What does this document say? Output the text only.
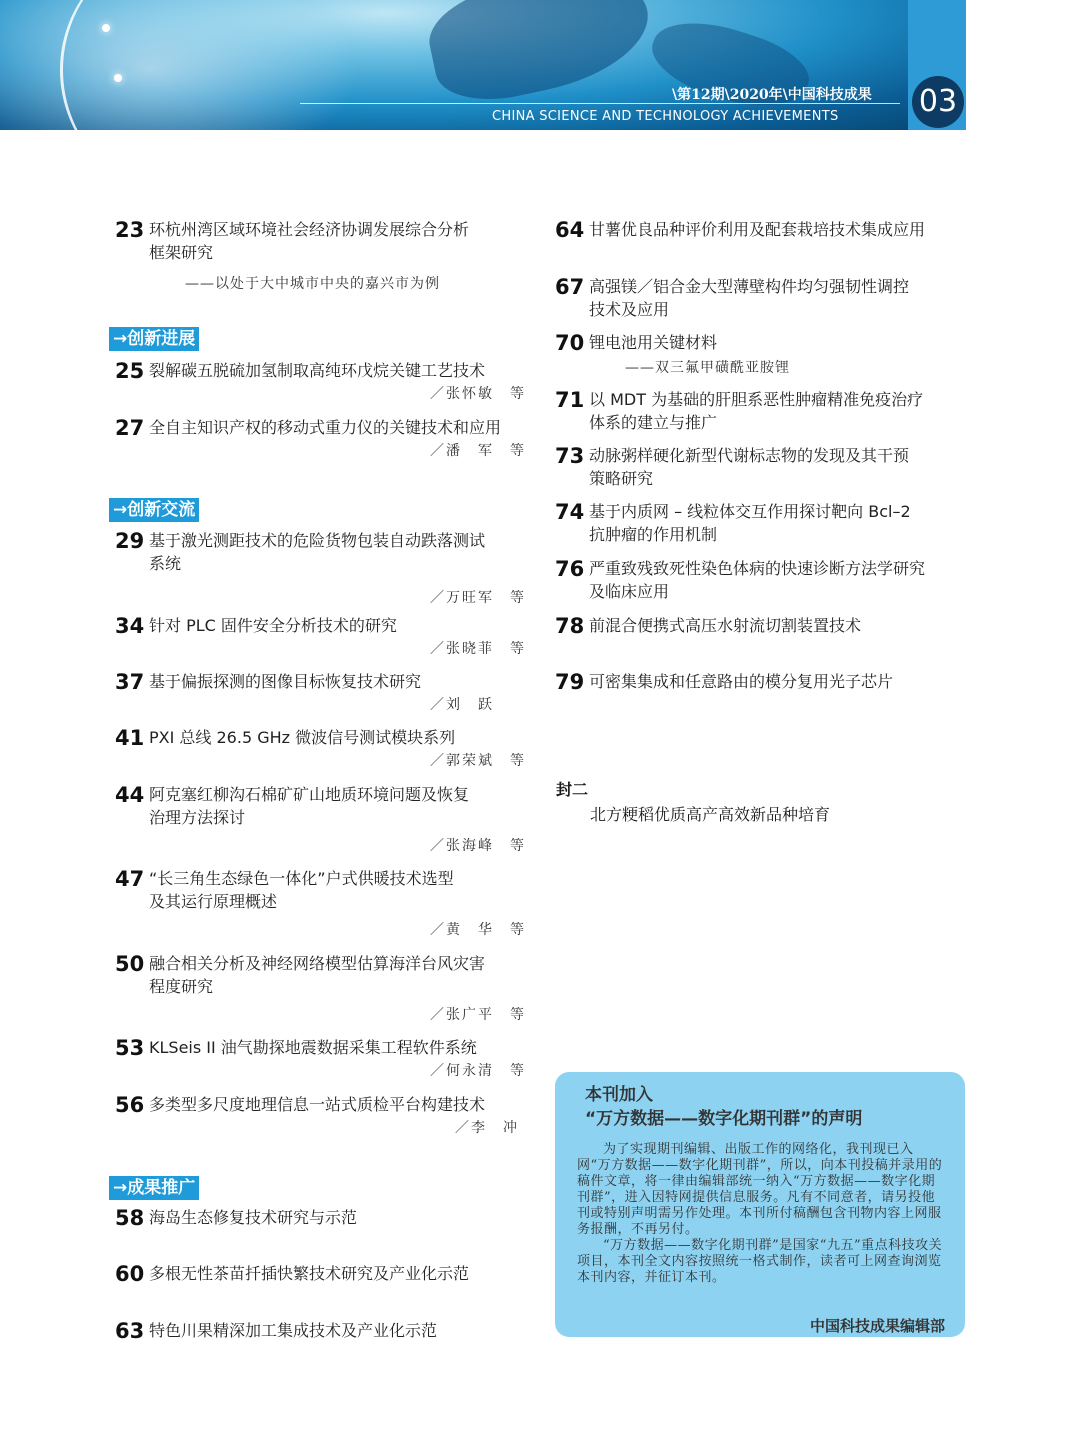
\第12期\2020年\中国科技成果
CHINA SCIENCE AND TECHNOLOGY ACHIEVEMENTS	03
23 环杭州湾区域环境社会经济协调发展综合分析
框架研究
——以处于大中城市中央的嘉兴市为例
→创新进展
25 裂解碳五脱硫加氢制取高纯环戊烷关键工艺技术
／张怀敏　等
27 全自主知识产权的移动式重力仪的关键技术和应用
／潘　军　等
→创新交流
29 基于激光测距技术的危险货物包装自动跌落测试
系统
／万旺军　等
34 针对 PLC 固件安全分析技术的研究
／张晓菲　等
37 基于偏振探测的图像目标恢复技术研究
／刘　跃
41 PXI 总线 26.5 GHz 微波信号测试模块系列
／郭荣斌　等
44 阿克塞红柳沟石棉矿矿山地质环境问题及恢复
治理方法探讨
／张海峰　等
47 “长三角生态绿色一体化”户式供暖技术选型
及其运行原理概述
／黄　华　等
50 融合相关分析及神经网络模型估算海洋台风灾害
程度研究
／张广平　等
53 KLSeis II 油气勘探地震数据采集工程软件系统
／何永清　等
56 多类型多尺度地理信息一站式质检平台构建技术
／李　冲
→成果推广
58 海岛生态修复技术研究与示范
60 多根无性茶苗扦插快繁技术研究及产业化示范
63 特色川果精深加工集成技术及产业化示范
64 甘薯优良品种评价利用及配套栽培技术集成应用
67 高强镁／铝合金大型薄壁构件均匀强韧性调控
技术及应用
70 锂电池用关键材料
——双三氟甲磺酰亚胺锂
71 以 MDT 为基础的肝胆系恶性肿瘤精准免疫治疗
体系的建立与推广
73 动脉粥样硬化新型代谢标志物的发现及其干预
策略研究
74 基于内质网 – 线粒体交互作用探讨靶向 Bcl–2
抗肿瘤的作用机制
76 严重致残致死性染色体病的快速诊断方法学研究
及临床应用
78 前混合便携式高压水射流切割装置技术
79 可密集集成和任意路由的模分复用光子芯片
封二
北方粳稻优质高产高效新品种培育
本刊加入
“万方数据——数字化期刊群”的声明

为了实现期刊编辑、出版工作的网络化，我刊现已入网“万方数据——数字化期刊群”，所以，向本刊投稿并录用的稿件文章，将一律由编辑部统一纳入“万方数据——数字化期刊群”，进入因特网提供信息服务。凡有不同意者，请另投他刊或特别声明需另作处理。本刊所付稿酬包含刊物内容上网服务报酬，不再另付。

“万方数据——数字化期刊群”是国家“九五”重点科技攻关项目，本刊全文内容按照统一格式制作，读者可上网查询浏览本刊内容，并征订本刊。

中国科技成果编辑部
